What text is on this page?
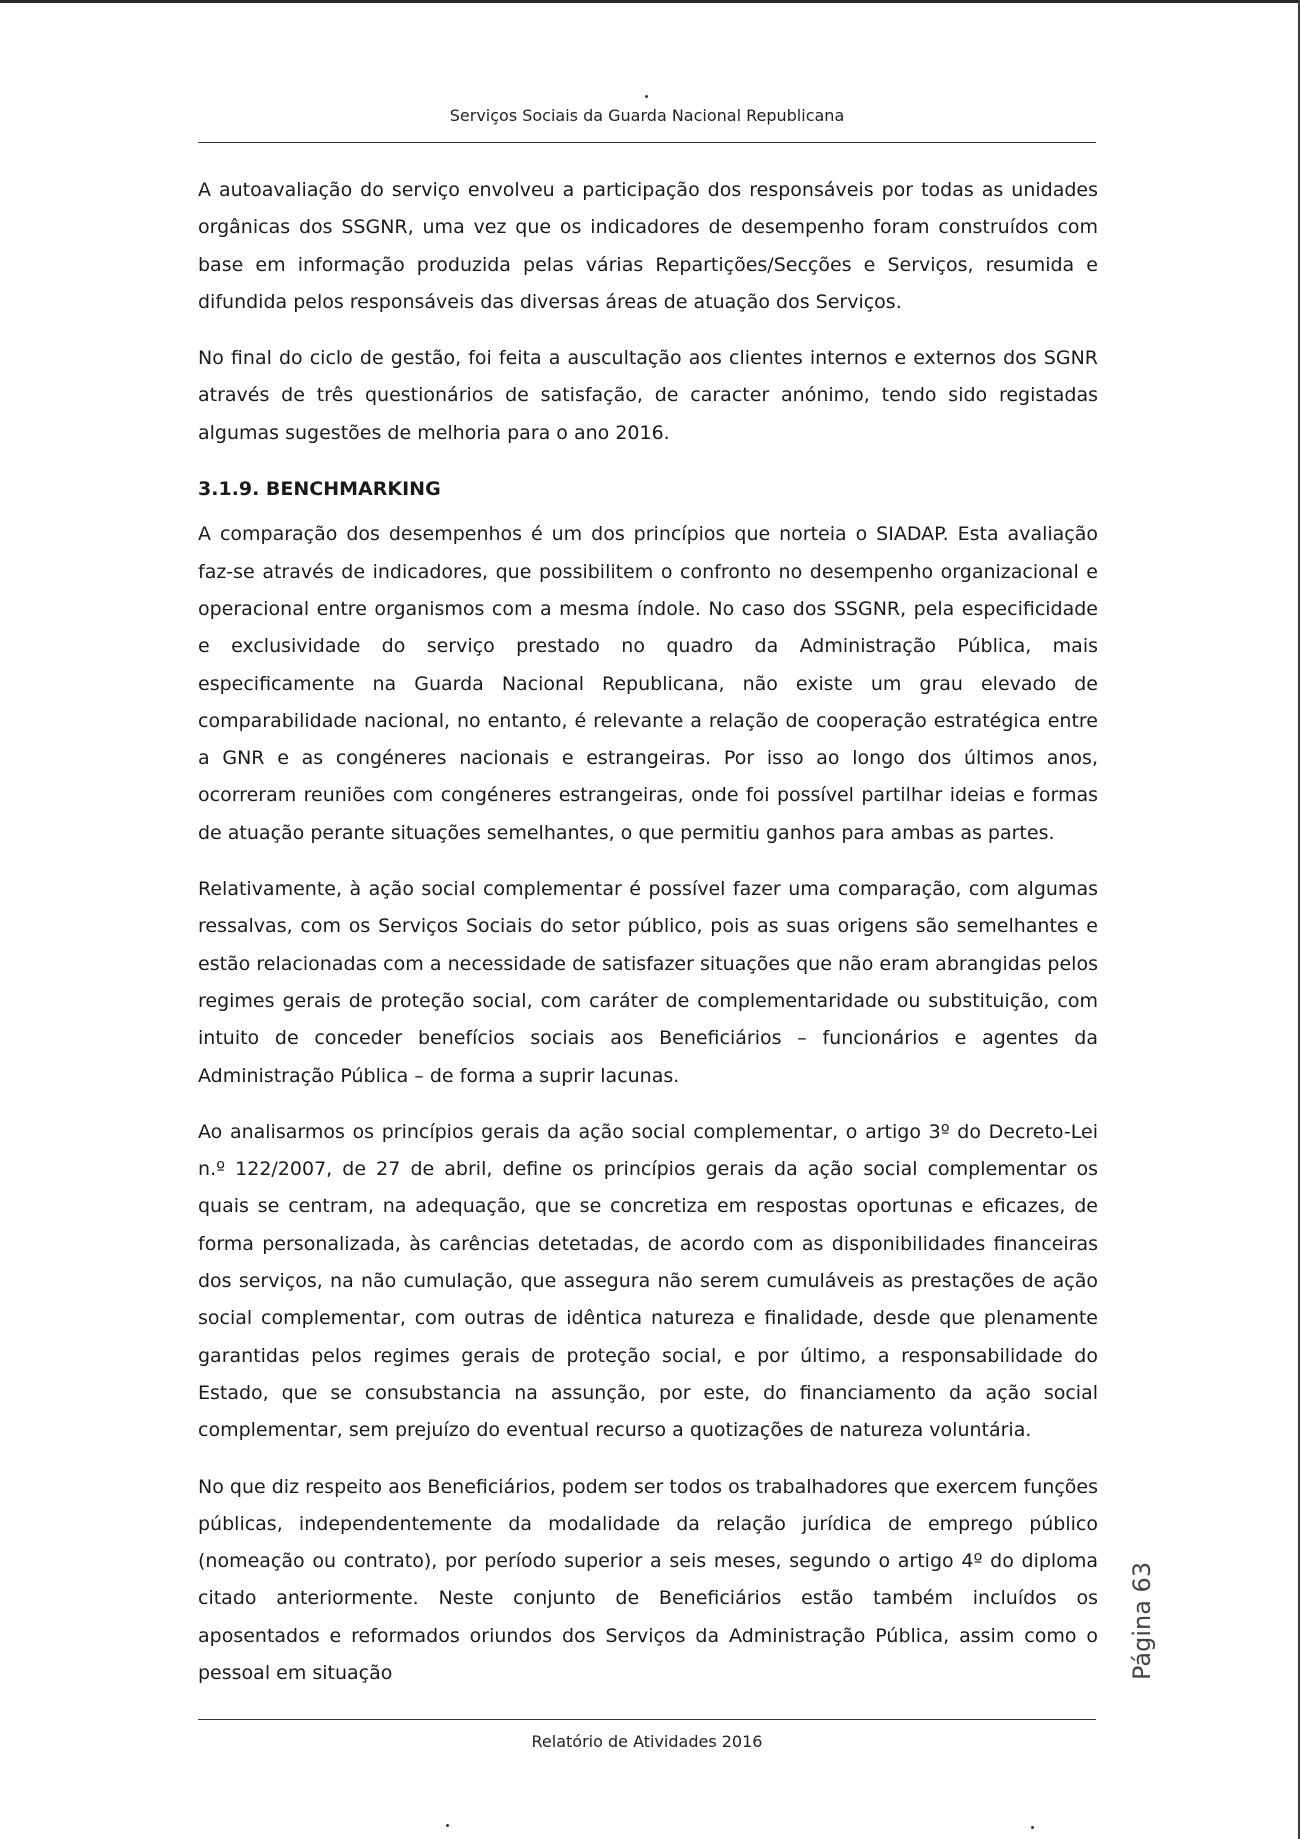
Serviços Sociais da Guarda Nacional Republicana

A autoavaliação do serviço envolveu a participação dos responsáveis por todas as unidades orgânicas dos SSGNR, uma vez que os indicadores de desempenho foram construídos com base em informação produzida pelas várias Repartições/Secções e Serviços, resumida e difundida pelos responsáveis das diversas áreas de atuação dos Serviços.

No final do ciclo de gestão, foi feita a auscultação aos clientes internos e externos dos SGNR através de três questionários de satisfação, de caracter anónimo, tendo sido registadas algumas sugestões de melhoria para o ano 2016.

3.1.9. BENCHMARKING

A comparação dos desempenhos é um dos princípios que norteia o SIADAP. Esta avaliação faz-se através de indicadores, que possibilitem o confronto no desempenho organizacional e operacional entre organismos com a mesma índole. No caso dos SSGNR, pela especificidade e exclusividade do serviço prestado no quadro da Administração Pública, mais especificamente na Guarda Nacional Republicana, não existe um grau elevado de comparabilidade nacional, no entanto, é relevante a relação de cooperação estratégica entre a GNR e as congéneres nacionais e estrangeiras. Por isso ao longo dos últimos anos, ocorreram reuniões com congéneres estrangeiras, onde foi possível partilhar ideias e formas de atuação perante situações semelhantes, o que permitiu ganhos para ambas as partes.

Relativamente, à ação social complementar é possível fazer uma comparação, com algumas ressalvas, com os Serviços Sociais do setor público, pois as suas origens são semelhantes e estão relacionadas com a necessidade de satisfazer situações que não eram abrangidas pelos regimes gerais de proteção social, com caráter de complementaridade ou substituição, com intuito de conceder benefícios sociais aos Beneficiários – funcionários e agentes da Administração Pública – de forma a suprir lacunas.

Ao analisarmos os princípios gerais da ação social complementar, o artigo 3º do Decreto-Lei n.º 122/2007, de 27 de abril, define os princípios gerais da ação social complementar os quais se centram, na adequação, que se concretiza em respostas oportunas e eficazes, de forma personalizada, às carências detetadas, de acordo com as disponibilidades financeiras dos serviços, na não cumulação, que assegura não serem cumuláveis as prestações de ação social complementar, com outras de idêntica natureza e finalidade, desde que plenamente garantidas pelos regimes gerais de proteção social, e por último, a responsabilidade do Estado, que se consubstancia na assunção, por este, do financiamento da ação social complementar, sem prejuízo do eventual recurso a quotizações de natureza voluntária.

No que diz respeito aos Beneficiários, podem ser todos os trabalhadores que exercem funções públicas, independentemente da modalidade da relação jurídica de emprego público (nomeação ou contrato), por período superior a seis meses, segundo o artigo 4º do diploma citado anteriormente. Neste conjunto de Beneficiários estão também incluídos os aposentados e reformados oriundos dos Serviços da Administração Pública, assim como o pessoal em situação	Página 63
Relatório de Atividades 2016
